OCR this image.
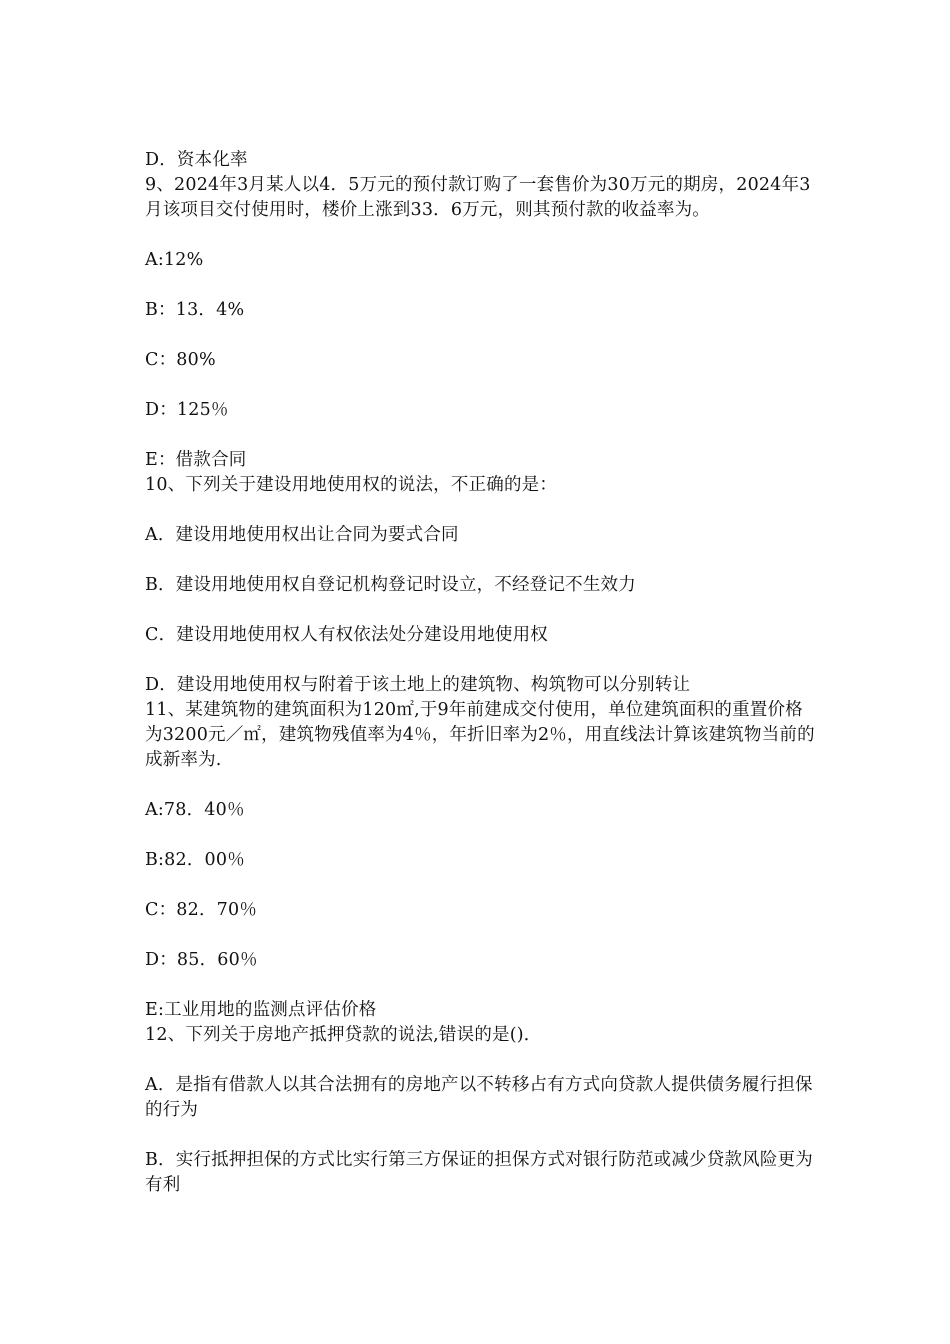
D．资本化率

9、2024年3月某人以4．5万元的预付款订购了一套售价为30万元的期房，2024年3月该项目交付使用时，楼价上涨到33．6万元，则其预付款的收益率为。

A:12%

B：13．4%

C：80%

D：125％

E：借款合同

10、下列关于建设用地使用权的说法，不正确的是：

A．建设用地使用权出让合同为要式合同

B．建设用地使用权自登记机构登记时设立，不经登记不生效力

C．建设用地使用权人有权依法处分建设用地使用权

D．建设用地使用权与附着于该土地上的建筑物、构筑物可以分别转让

11、某建筑物的建筑面积为120㎡,于9年前建成交付使用，单位建筑面积的重置价格为3200元／㎡，建筑物残值率为4％，年折旧率为2％，用直线法计算该建筑物当前的成新率为.

A:78．40％

B:82．00％

C：82．70％

D：85．60％

E:工业用地的监测点评估价格

12、下列关于房地产抵押贷款的说法,错误的是()．

A．是指有借款人以其合法拥有的房地产以不转移占有方式向贷款人提供债务履行担保的行为

B．实行抵押担保的方式比实行第三方保证的担保方式对银行防范或减少贷款风险更为有利
